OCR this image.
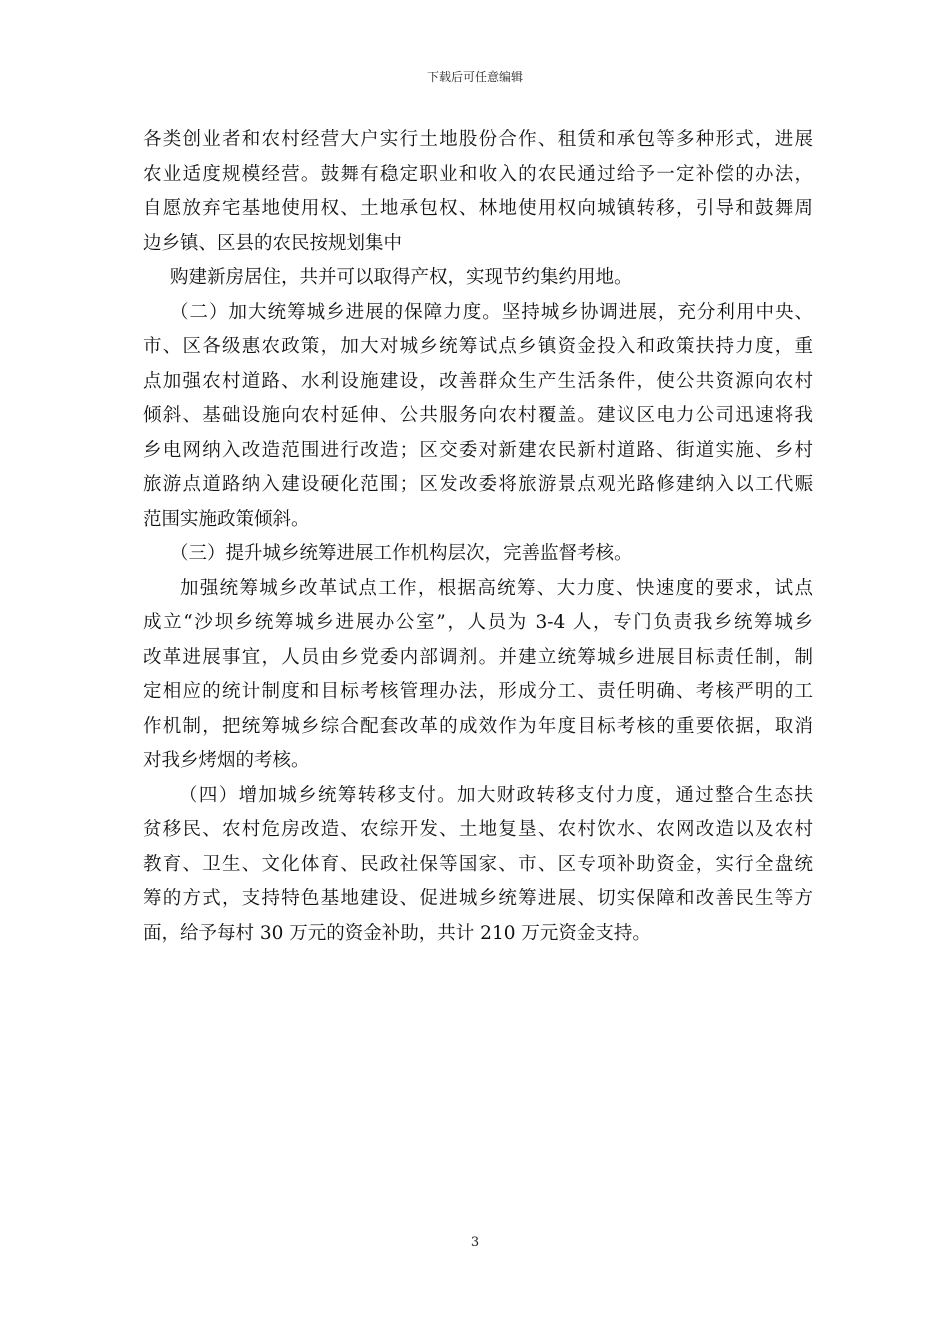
下载后可任意编辑
各类创业者和农村经营大户实行土地股份合作、租赁和承包等多种形式，进展
农业适度规模经营。鼓舞有稳定职业和收入的农民通过给予一定补偿的办法，
自愿放弃宅基地使用权、土地承包权、林地使用权向城镇转移，引导和鼓舞周
边乡镇、区县的农民按规划集中
购建新房居住，共并可以取得产权，实现节约集约用地。
（二）加大统筹城乡进展的保障力度。坚持城乡协调进展，充分利用中央、
市、区各级惠农政策，加大对城乡统筹试点乡镇资金投入和政策扶持力度，重
点加强农村道路、水利设施建设，改善群众生产生活条件，使公共资源向农村
倾斜、基础设施向农村延伸、公共服务向农村覆盖。建议区电力公司迅速将我
乡电网纳入改造范围进行改造；区交委对新建农民新村道路、街道实施、乡村
旅游点道路纳入建设硬化范围；区发改委将旅游景点观光路修建纳入以工代赈
范围实施政策倾斜。
（三）提升城乡统筹进展工作机构层次，完善监督考核。
加强统筹城乡改革试点工作，根据高统筹、大力度、快速度的要求，试点
成立“沙坝乡统筹城乡进展办公室”，人员为 3-4 人，专门负责我乡统筹城乡
改革进展事宜，人员由乡党委内部调剂。并建立统筹城乡进展目标责任制，制
定相应的统计制度和目标考核管理办法，形成分工、责任明确、考核严明的工
作机制，把统筹城乡综合配套改革的成效作为年度目标考核的重要依据，取消
对我乡烤烟的考核。
（四）增加城乡统筹转移支付。加大财政转移支付力度，通过整合生态扶
贫移民、农村危房改造、农综开发、土地复垦、农村饮水、农网改造以及农村
教育、卫生、文化体育、民政社保等国家、市、区专项补助资金，实行全盘统
筹的方式，支持特色基地建设、促进城乡统筹进展、切实保障和改善民生等方
面，给予每村 30 万元的资金补助，共计 210 万元资金支持。
3
